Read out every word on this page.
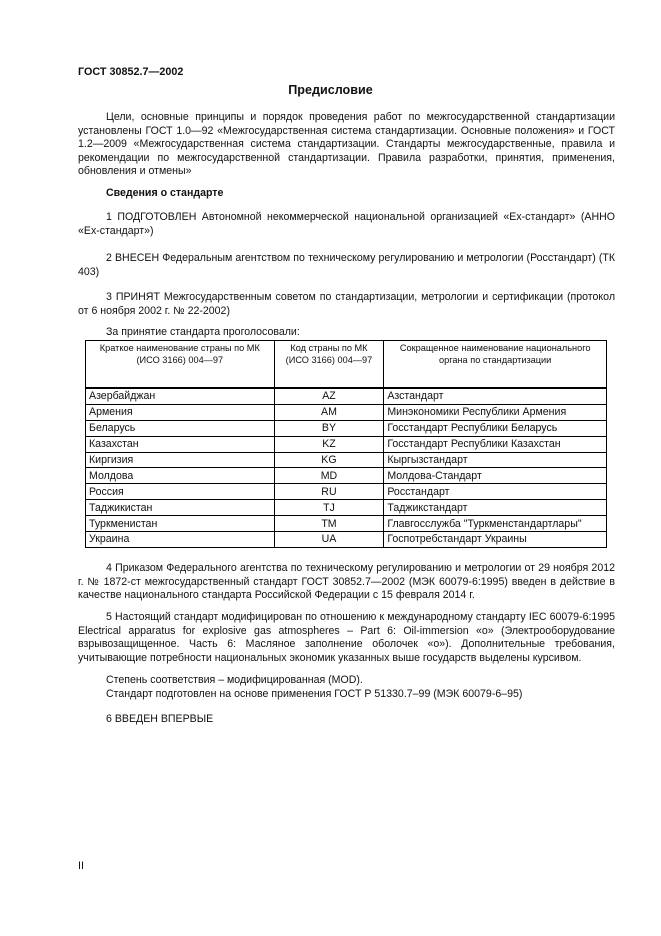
ГОСТ 30852.7—2002
Предисловие

Цели, основные принципы и порядок проведения работ по межгосударственной стандартизации установлены ГОСТ 1.0—92 «Межгосударственная система стандартизации. Основные положения» и ГОСТ 1.2—2009 «Межгосударственная система стандартизации. Стандарты межгосударственные, правила и рекомендации по межгосударственной стандартизации. Правила разработки, принятия, применения, обновления и отмены»

Сведения о стандарте

1 ПОДГОТОВЛЕН Автономной некоммерческой национальной организацией «Ех-стандарт» (АННО «Ех-стандарт»)

2 ВНЕСЕН Федеральным агентством по техническому регулированию и метрологии (Росстандарт) (ТК 403)

3 ПРИНЯТ Межгосударственным советом по стандартизации, метрологии и сертификации (протокол от 6 ноября 2002 г. № 22-2002)

За принятие стандарта проголосовали:

Краткое наименование страны по МК (ИСО 3166) 004—97	Код страны по МК (ИСО 3166) 004—97	Сокращенное наименование национального органа по стандартизации
Азербайджан	AZ	Азстандарт
Армения	AM	Минэкономики Республики Армения
Беларусь	BY	Госстандарт Республики Беларусь
Казахстан	KZ	Госстандарт Республики Казахстан
Киргизия	KG	Кыргызстандарт
Молдова	MD	Молдова-Стандарт
Россия	RU	Росстандарт
Таджикистан	TJ	Таджикстандарт
Туркменистан	TM	Главгосслужба "Туркменстандартлары"
Украина	UA	Госпотребстандарт Украины

4 Приказом Федерального агентства по техническому регулированию и метрологии от 29 ноября 2012 г. № 1872-ст межгосударственный стандарт ГОСТ 30852.7—2002 (МЭК 60079-6:1995) введен в действие в качестве национального стандарта Российской Федерации с 15 февраля 2014 г.

5 Настоящий стандарт модифицирован по отношению к международному стандарту IEC 60079-6:1995 Electrical apparatus for explosive gas atmospheres – Part 6: Oil-immersion «о» (Электрооборудование взрывозащищенное. Часть 6: Масляное заполнение оболочек «о»). Дополнительные требования, учитывающие потребности национальных экономик указанных выше государств выделены курсивом.

Степень соответствия – модифицированная (MOD).

Стандарт подготовлен на основе применения ГОСТ Р 51330.7–99 (МЭК 60079-6–95)

6 ВВЕДЕН ВПЕРВЫЕ

II
